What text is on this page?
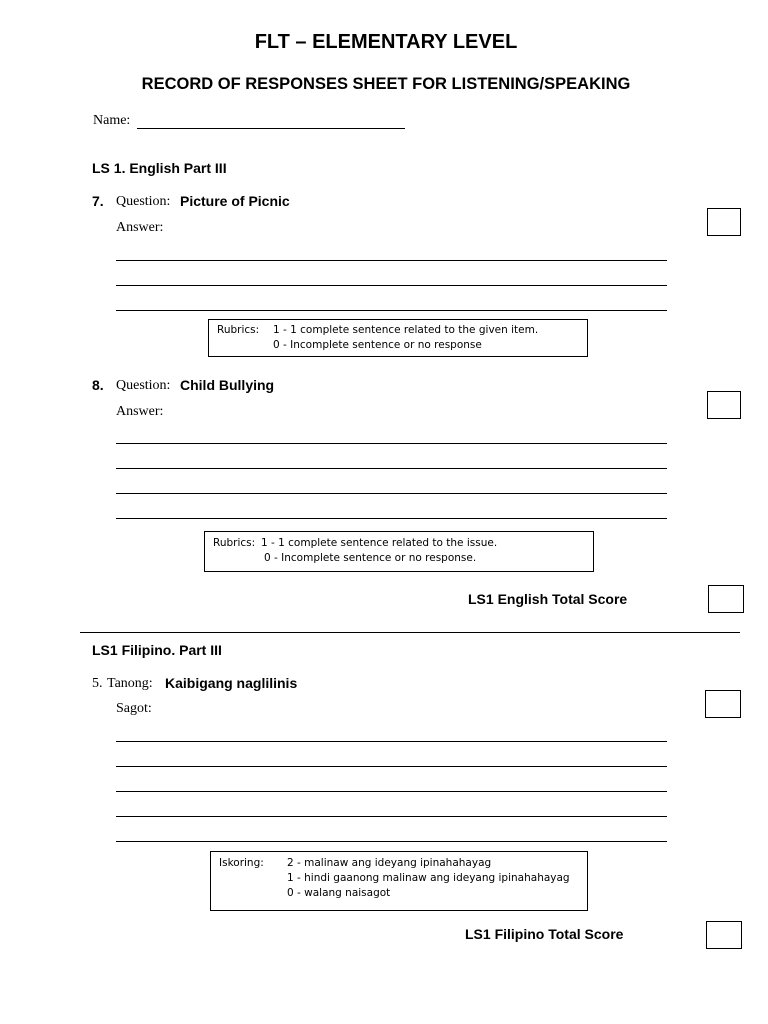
FLT – ELEMENTARY LEVEL
RECORD OF RESPONSES SHEET FOR LISTENING/SPEAKING
Name:
LS 1. English Part III
7. Question: Picture of Picnic
Answer:
Rubrics: 1 - 1 complete sentence related to the given item.
0 - Incomplete sentence or no response
8. Question: Child Bullying
Answer:
Rubrics: 1 - 1 complete sentence related to the issue.
0 - Incomplete sentence or no response.
LS1 English Total Score
LS1 Filipino. Part III
5. Tanong: Kaibigang naglilinis
Sagot:
Iskoring: 2 - malinaw ang ideyang ipinahahayag
1 - hindi gaanong malinaw ang ideyang ipinahahayag
0 - walang naisagot
LS1 Filipino Total Score
